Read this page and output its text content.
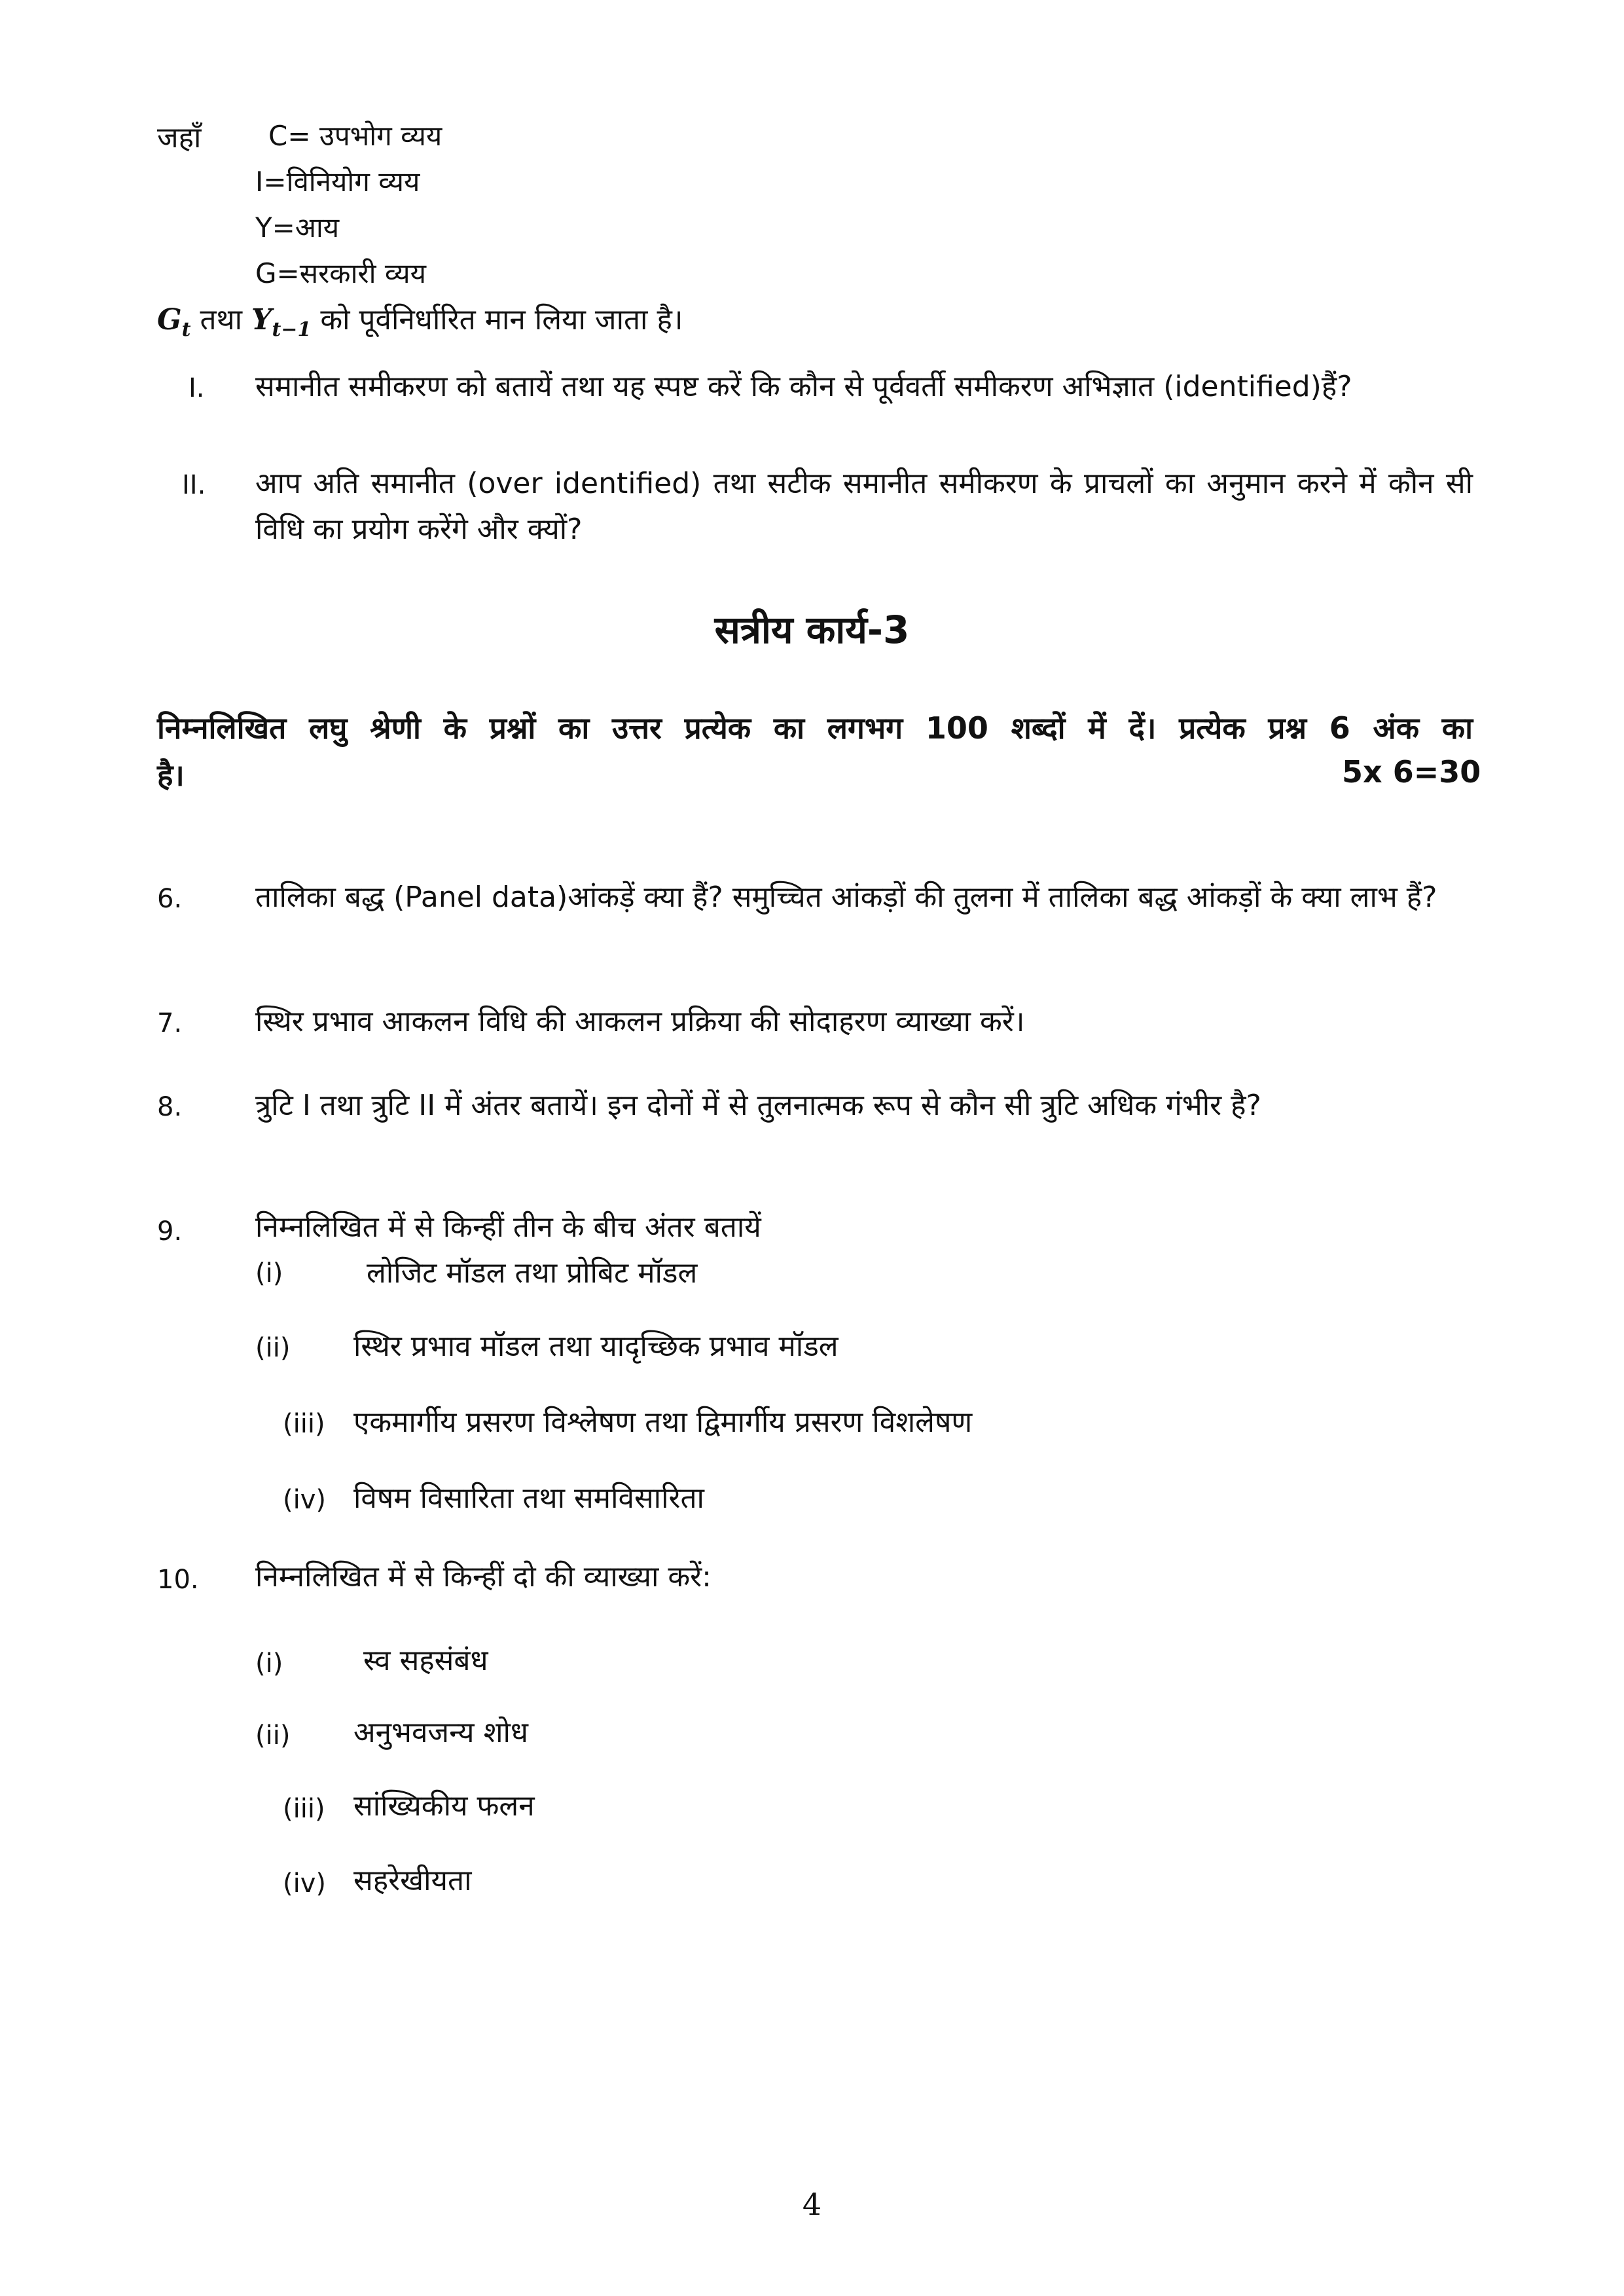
जहाँ C= उपभोग व्यय
I=विनियोग व्यय
Y=आय
G=सरकारी व्यय
$G_t$ तथा $Y_{t-1}$ को पूर्वनिर्धारित मान लिया जाता है।
I. समानीत समीकरण को बतायें तथा यह स्पष्ट करें कि कौन से पूर्ववर्ती समीकरण अभिज्ञात (identified)हैं?
II. आप अति समानीत (over identified) तथा सटीक समानीत समीकरण के प्राचलों का अनुमान करने में कौन सी विधि का प्रयोग करेंगे और क्यों?
सत्रीय कार्य-3
निम्नलिखित लघु श्रेणी के प्रश्नों का उत्तर प्रत्येक का लगभग 100 शब्दों में दें। प्रत्येक प्रश्न 6 अंक का
है।	5x 6=30
6.	तालिका बद्ध (Panel data)आंकड़ें क्या हैं? समुच्चित आंकड़ों की तुलना में तालिका बद्ध आंकड़ों के क्या लाभ हैं?
7.	स्थिर प्रभाव आकलन विधि की आकलन प्रक्रिया की सोदाहरण व्याख्या करें।
8.	त्रुटि I तथा त्रुटि II में अंतर बतायें। इन दोनों में से तुलनात्मक रूप से कौन सी त्रुटि अधिक गंभीर है?
9.	निम्नलिखित में से किन्हीं तीन के बीच अंतर बतायें
(i)	लोजिट मॉडल तथा प्रोबिट मॉडल
(ii) स्थिर प्रभाव मॉडल तथा यादृच्छिक प्रभाव मॉडल
(iii) एकमार्गीय प्रसरण विश्लेषण तथा द्विमार्गीय प्रसरण विशलेषण
(iv) विषम विसारिता तथा समविसारिता
10. निम्नलिखित में से किन्हीं दो की व्याख्या करें:
(i)	स्व सहसंबंध
(ii) अनुभवजन्य शोध
(iii) सांख्यिकीय फलन
(iv) सहरेखीयता
4
